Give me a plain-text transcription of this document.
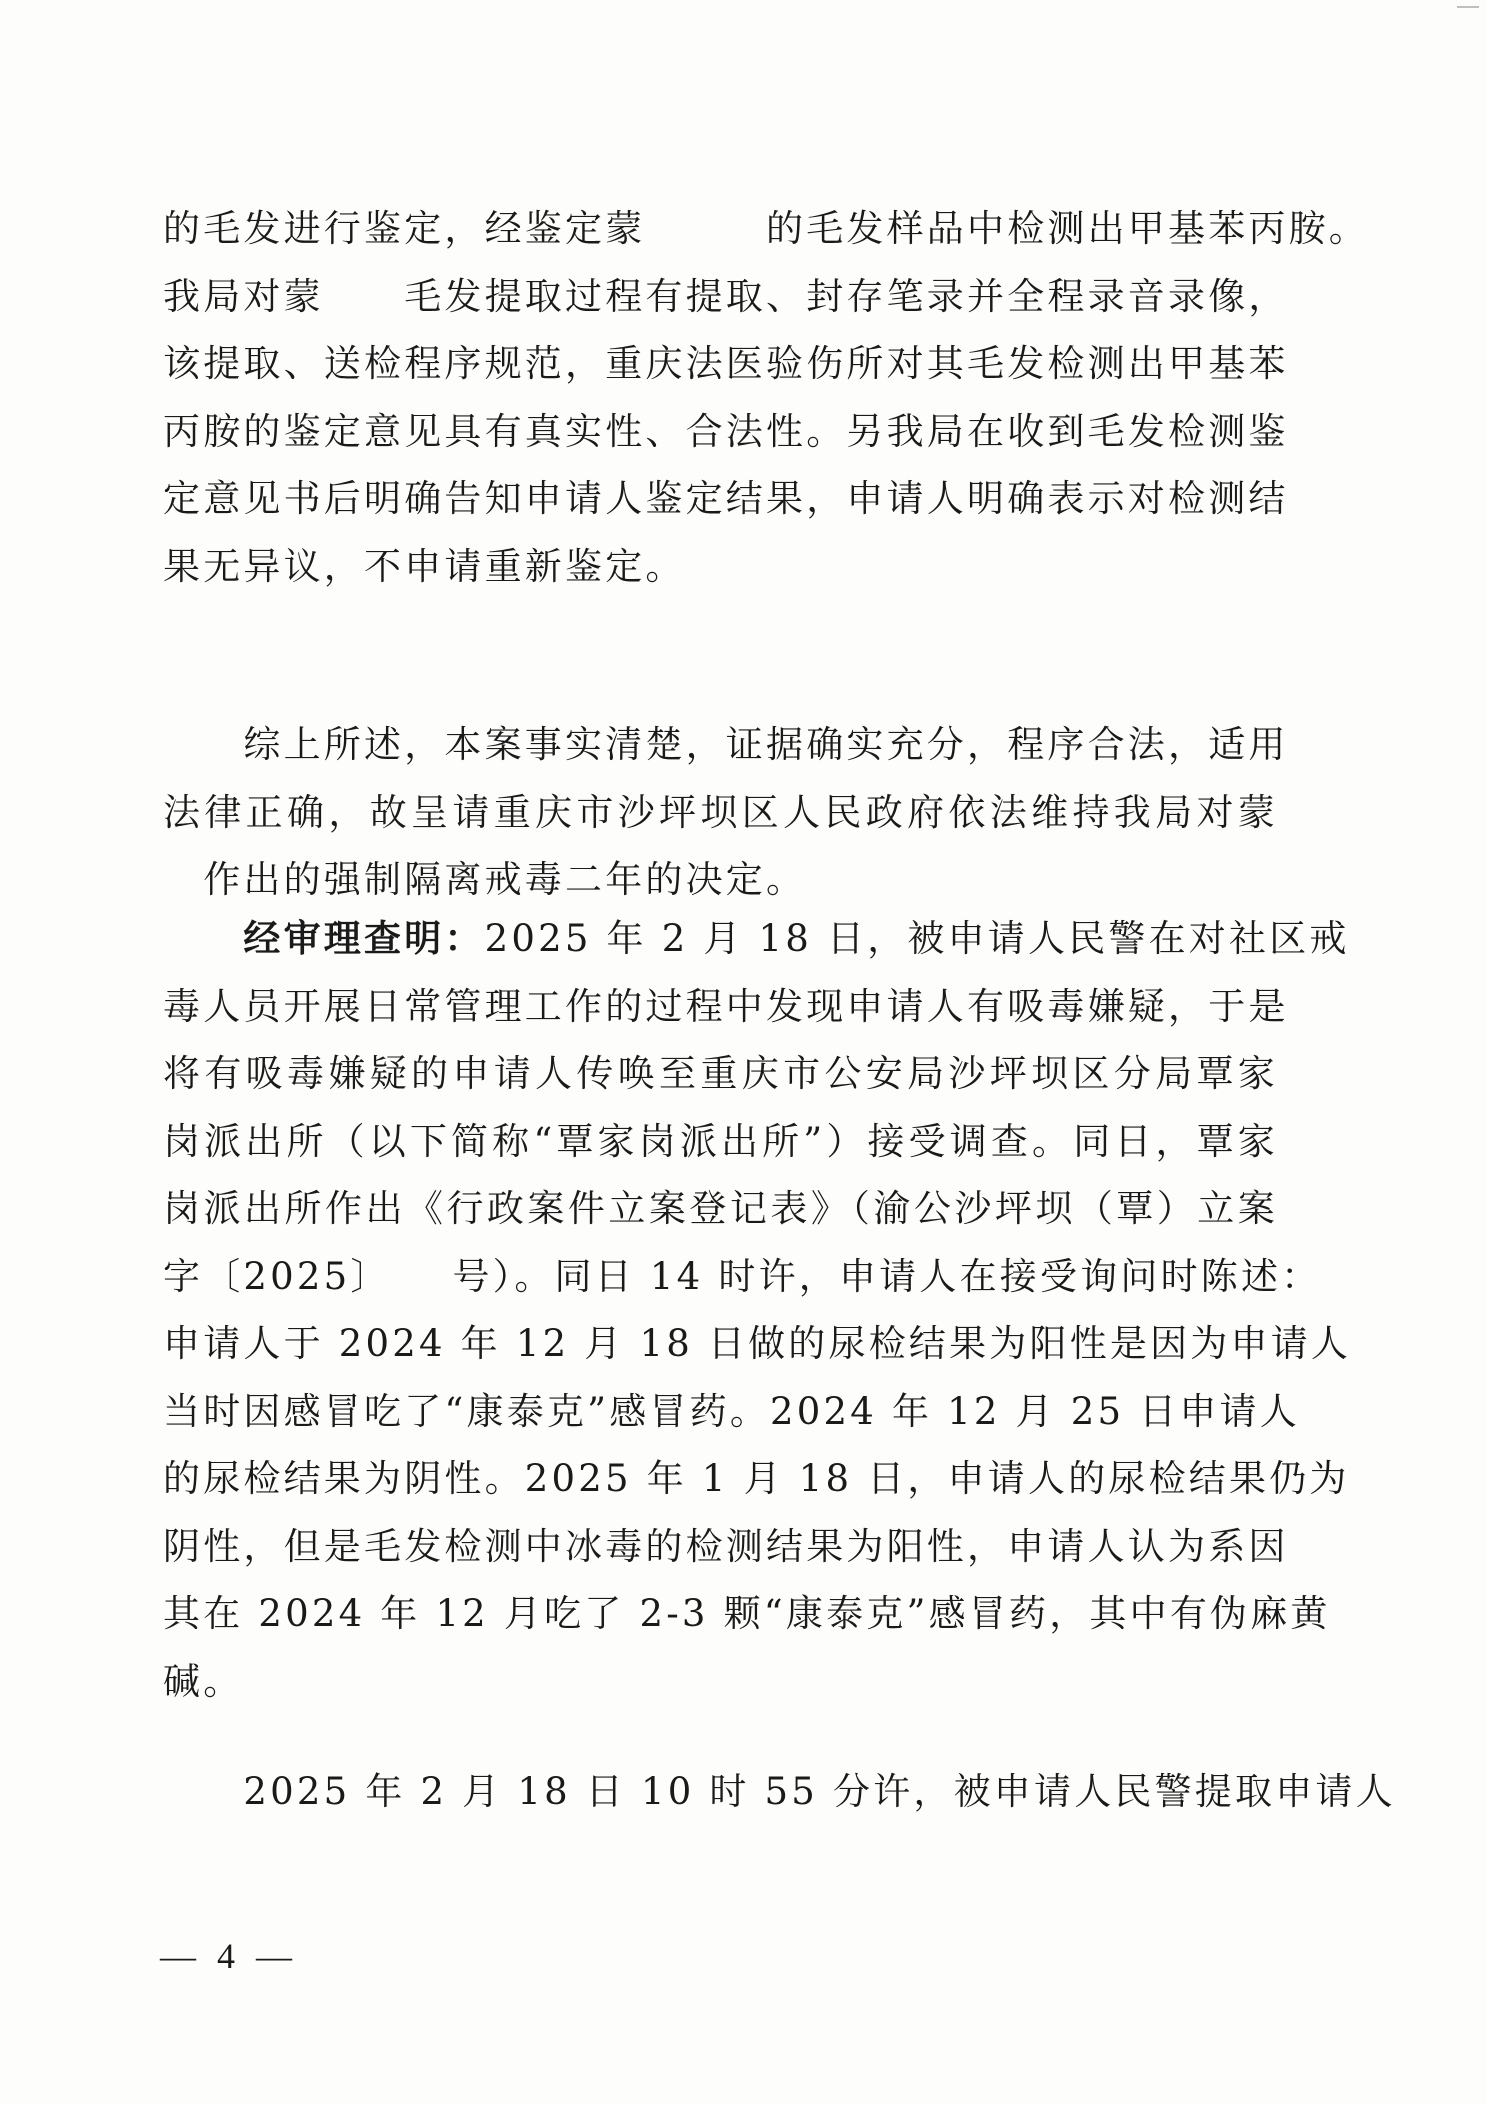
的毛发进行鉴定，经鉴定蒙　　　的毛发样品中检测出甲基苯丙胺。
我局对蒙　　毛发提取过程有提取、封存笔录并全程录音录像，
该提取、送检程序规范，重庆法医验伤所对其毛发检测出甲基苯
丙胺的鉴定意见具有真实性、合法性。另我局在收到毛发检测鉴
定意见书后明确告知申请人鉴定结果，申请人明确表示对检测结
果无异议，不申请重新鉴定。
　　综上所述，本案事实清楚，证据确实充分，程序合法，适用
法律正确，故呈请重庆市沙坪坝区人民政府依法维持我局对蒙
　作出的强制隔离戒毒二年的决定。
　　经审理查明：2025 年 2 月 18 日，被申请人民警在对社区戒
毒人员开展日常管理工作的过程中发现申请人有吸毒嫌疑，于是
将有吸毒嫌疑的申请人传唤至重庆市公安局沙坪坝区分局覃家
岗派出所（以下简称“覃家岗派出所”）接受调查。同日，覃家
岗派出所作出《行政案件立案登记表》（渝公沙坪坝（覃）立案
字〔2025〕　　号）。同日 14 时许，申请人在接受询问时陈述：
申请人于 2024 年 12 月 18 日做的尿检结果为阳性是因为申请人
当时因感冒吃了“康泰克”感冒药。2024 年 12 月 25 日申请人
的尿检结果为阴性。2025 年 1 月 18 日，申请人的尿检结果仍为
阴性，但是毛发检测中冰毒的检测结果为阳性，申请人认为系因
其在 2024 年 12 月吃了 2-3 颗“康泰克”感冒药，其中有伪麻黄
碱。
　　2025 年 2 月 18 日 10 时 55 分许，被申请人民警提取申请人
— 4 —
